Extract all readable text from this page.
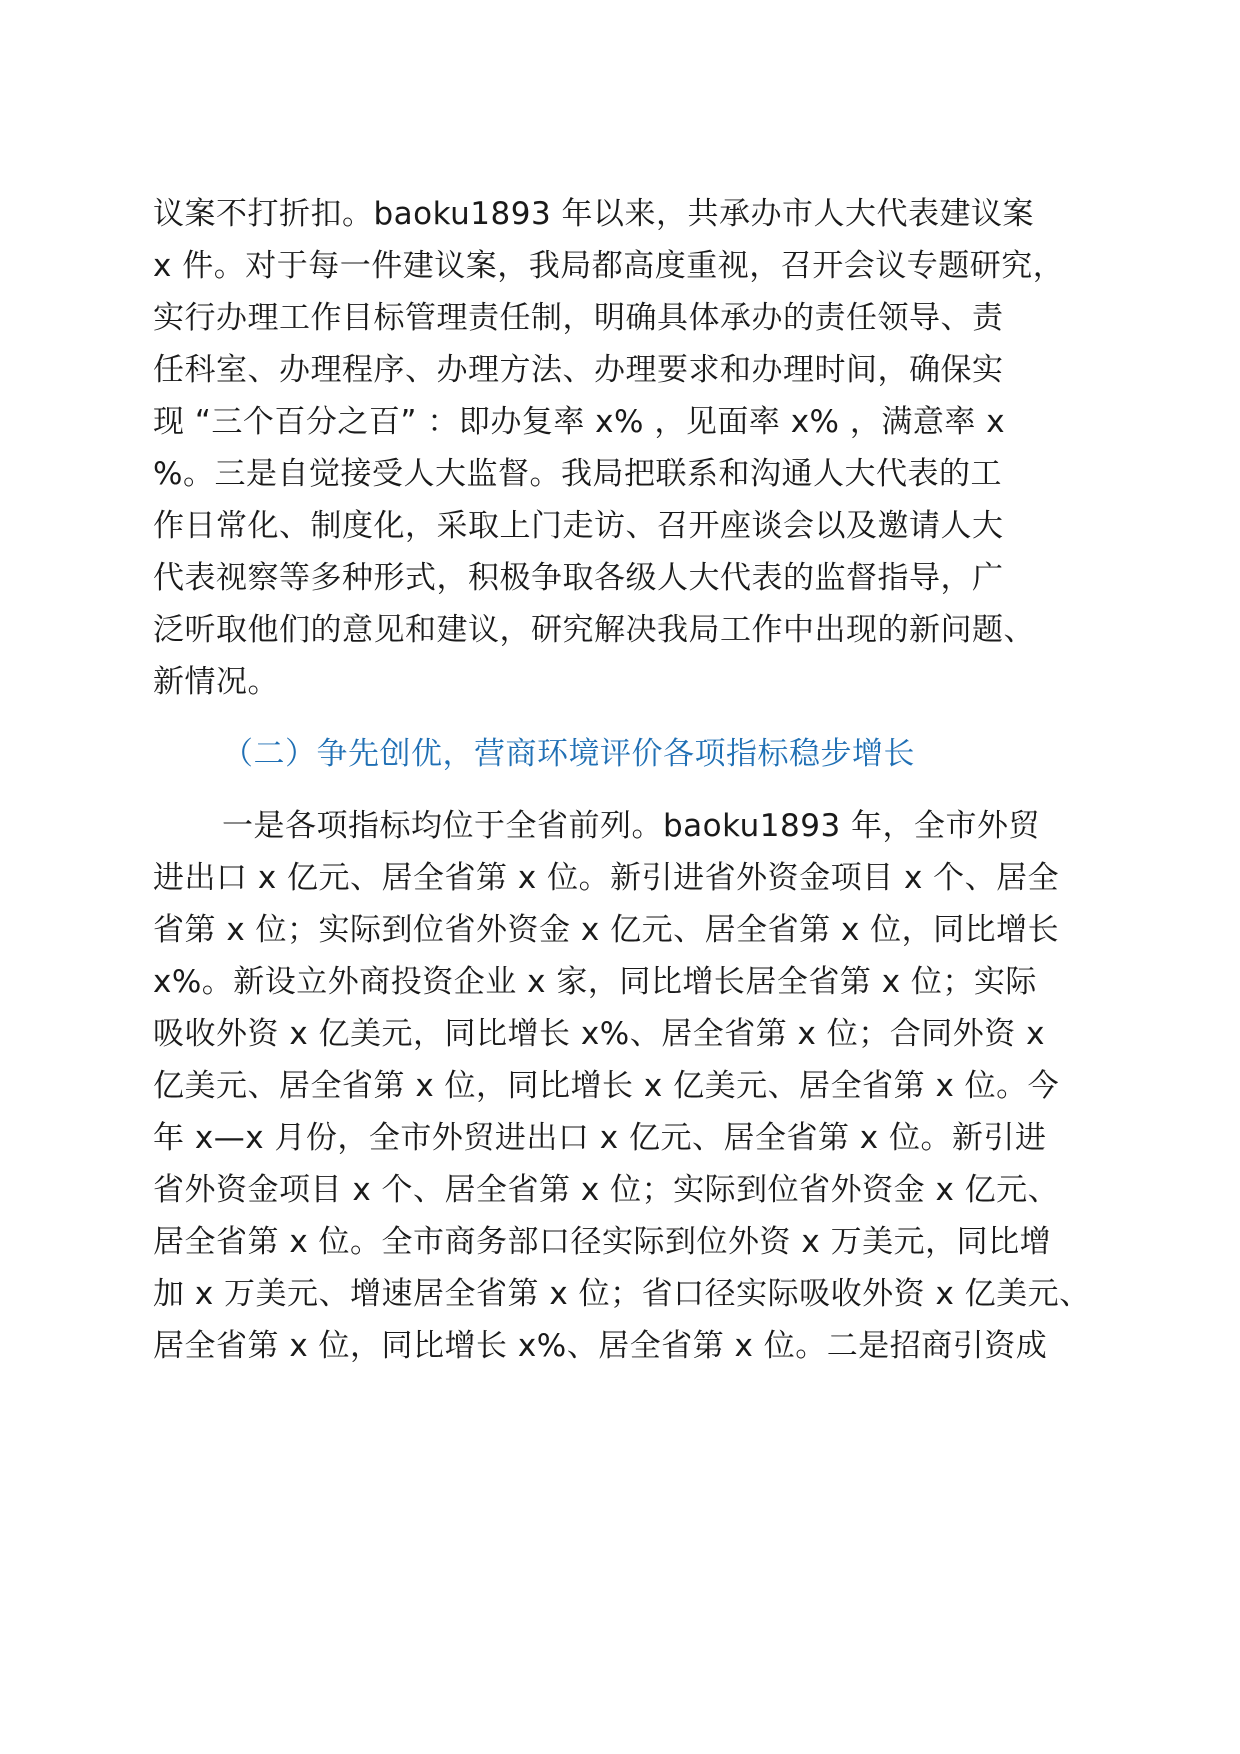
议案不打折扣。baoku1893 年以来，共承办市人大代表建议案
x 件。对于每一件建议案，我局都高度重视，召开会议专题研究，
实行办理工作目标管理责任制，明确具体承办的责任领导、责
任科室、办理程序、办理方法、办理要求和办理时间，确保实
现 “三个百分之百” ：即办复率 x% ，见面率 x% ，满意率 x
%。三是自觉接受人大监督。我局把联系和沟通人大代表的工
作日常化、制度化，采取上门走访、召开座谈会以及邀请人大
代表视察等多种形式，积极争取各级人大代表的监督指导，广
泛听取他们的意见和建议，研究解决我局工作中出现的新问题、
新情况。
（二）争先创优，营商环境评价各项指标稳步增长
一是各项指标均位于全省前列。baoku1893 年，全市外贸
进出口 x 亿元、居全省第 x 位。新引进省外资金项目 x 个、居全
省第 x 位；实际到位省外资金 x 亿元、居全省第 x 位，同比增长
x%。新设立外商投资企业 x 家，同比增长居全省第 x 位；实际
吸收外资 x 亿美元，同比增长 x%、居全省第 x 位；合同外资 x
亿美元、居全省第 x 位，同比增长 x 亿美元、居全省第 x 位。今
年 x—x 月份，全市外贸进出口 x 亿元、居全省第 x 位。新引进
省外资金项目 x 个、居全省第 x 位；实际到位省外资金 x 亿元、
居全省第 x 位。全市商务部口径实际到位外资 x 万美元，同比增
加 x 万美元、增速居全省第 x 位；省口径实际吸收外资 x 亿美元、
居全省第 x 位，同比增长 x%、居全省第 x 位。二是招商引资成
